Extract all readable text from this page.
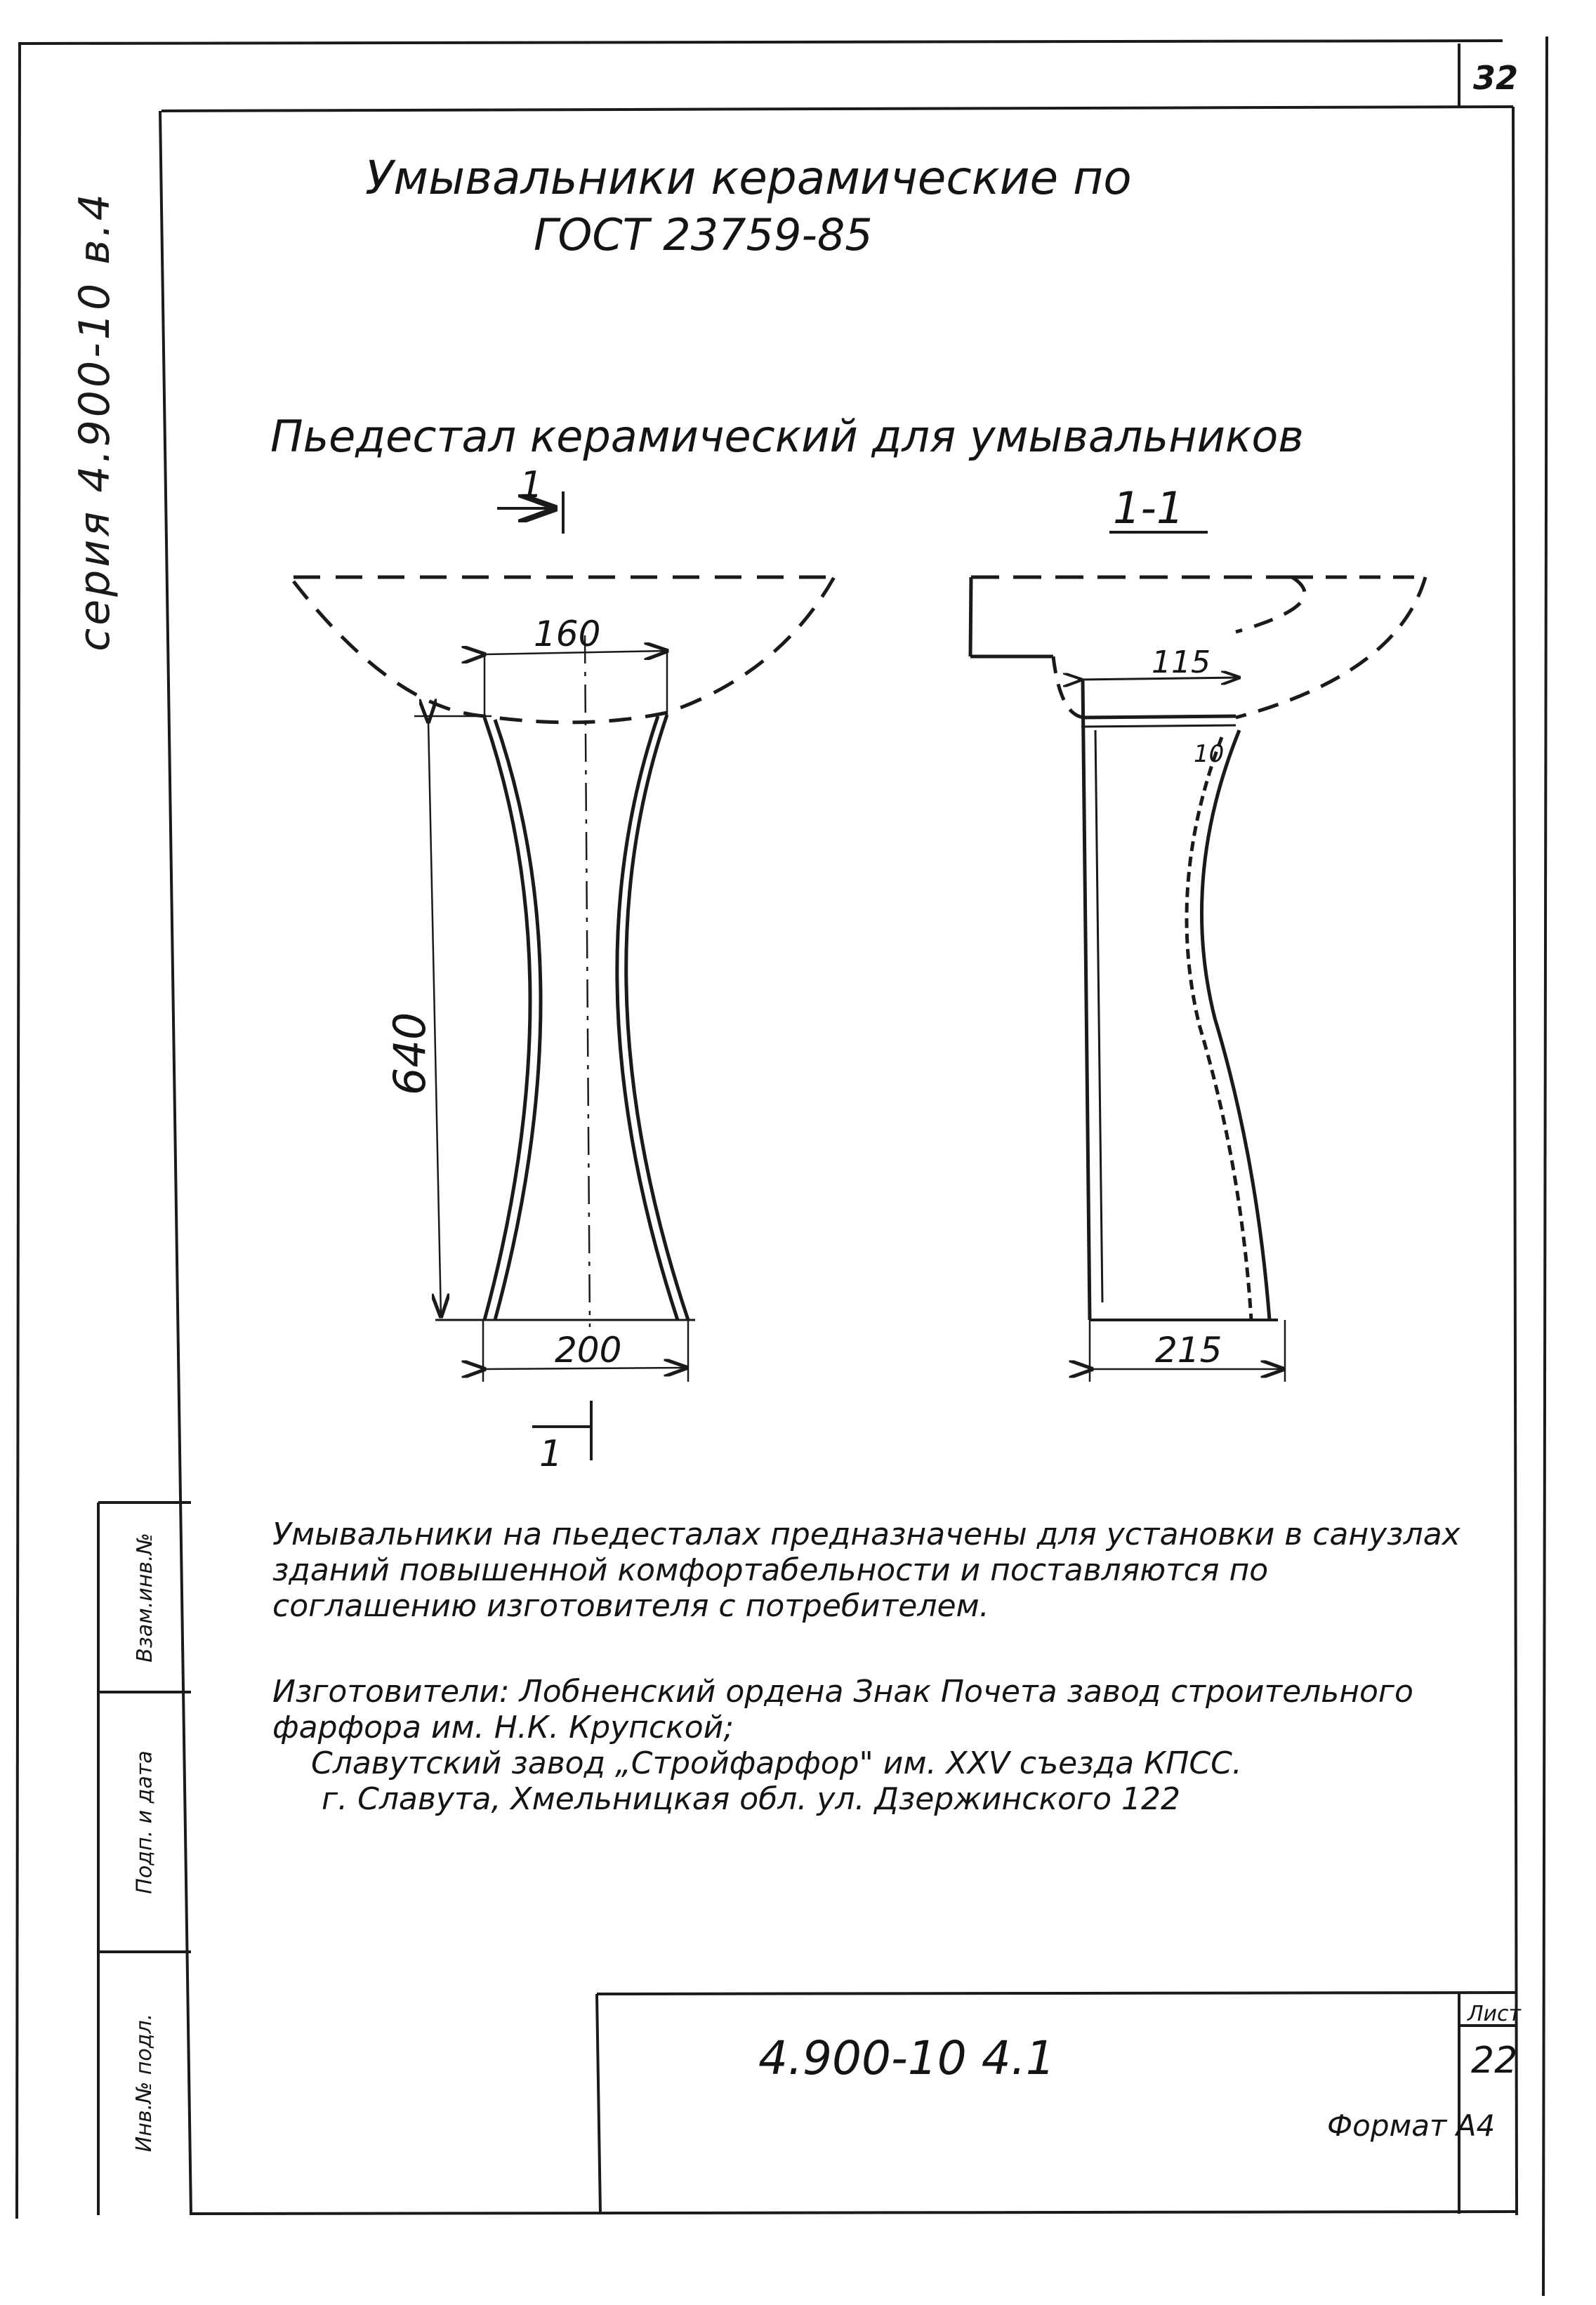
32
серия 4.900-10 в.4
Умывальники керамические по
ГОСТ 23759-85
Пьедестал керамический для умывальников
1
1
1-1
160
640
200
115
10
215
Умывальники на пьедесталах предназначены для установки в санузлах зданий повышенной комфортабельности и поставляются по соглашению изготовителя с потребителем.

Изготовители: Лобненский ордена Знак Почета завод строительного фарфора им. Н.К. Крупской;

Славутский завод „Стройфарфор" им. XXV съезда КПСС.

г. Славута, Хмельницкая обл. ул. Дзержинского 122

Взам.инв.№
Подп. и дата
Инв.№ подл.	4.900-10 4.1
Лист
22
Формат А4
